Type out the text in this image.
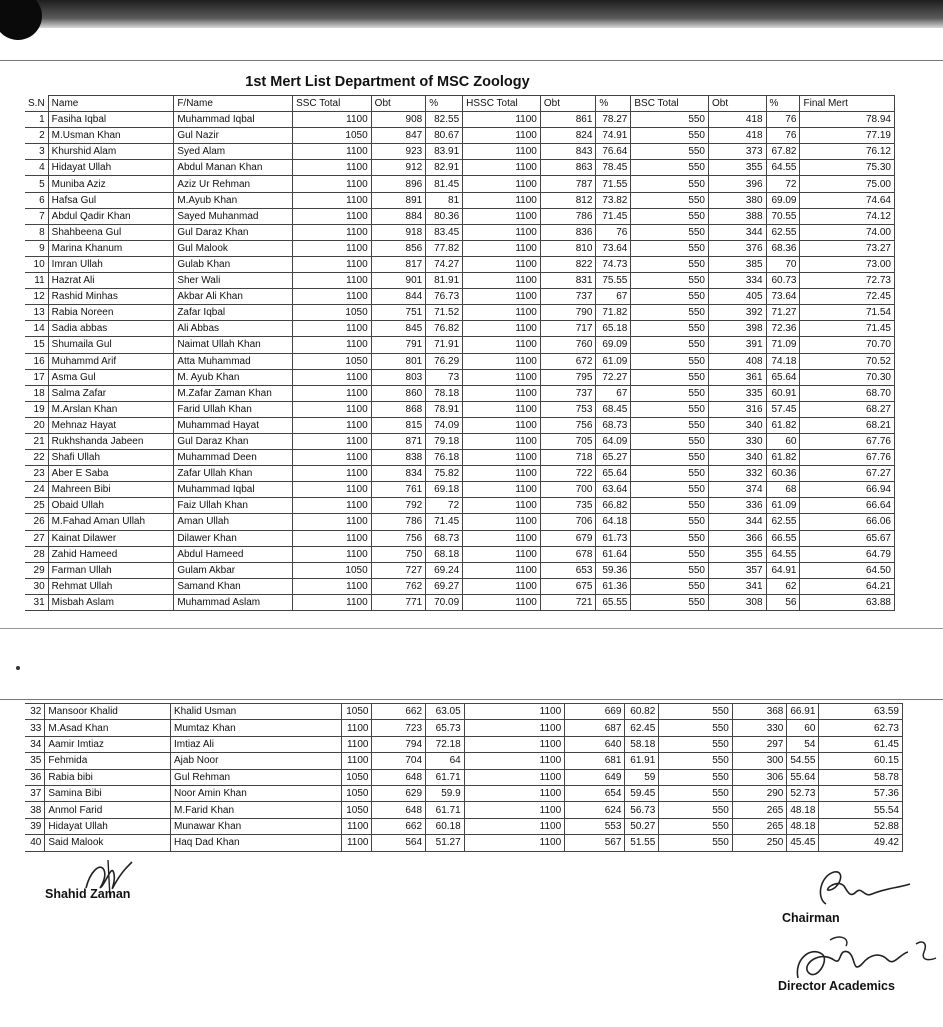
1st Mert List Department of MSC Zoology
S.N	Name	F/Name	SSC Total	Obt	%	HSSC Total	Obt	%	BSC Total	Obt	%	Final Mert
1	Fasiha Iqbal	Muhammad Iqbal	1100	908	82.55	1100	861	78.27	550	418	76	78.94
2	M.Usman Khan	Gul Nazir	1050	847	80.67	1100	824	74.91	550	418	76	77.19
3	Khurshid Alam	Syed Alam	1100	923	83.91	1100	843	76.64	550	373	67.82	76.12
4	Hidayat Ullah	Abdul Manan Khan	1100	912	82.91	1100	863	78.45	550	355	64.55	75.30
5	Muniba Aziz	Aziz Ur Rehman	1100	896	81.45	1100	787	71.55	550	396	72	75.00
6	Hafsa Gul	M.Ayub Khan	1100	891	81	1100	812	73.82	550	380	69.09	74.64
7	Abdul Qadir Khan	Sayed Muhanmad	1100	884	80.36	1100	786	71.45	550	388	70.55	74.12
8	Shahbeena Gul	Gul Daraz Khan	1100	918	83.45	1100	836	76	550	344	62.55	74.00
9	Marina Khanum	Gul Malook	1100	856	77.82	1100	810	73.64	550	376	68.36	73.27
10	Imran Ullah	Gulab Khan	1100	817	74.27	1100	822	74.73	550	385	70	73.00
11	Hazrat Ali	Sher Wali	1100	901	81.91	1100	831	75.55	550	334	60.73	72.73
12	Rashid Minhas	Akbar Ali Khan	1100	844	76.73	1100	737	67	550	405	73.64	72.45
13	Rabia Noreen	Zafar Iqbal	1050	751	71.52	1100	790	71.82	550	392	71.27	71.54
14	Sadia abbas	Ali Abbas	1100	845	76.82	1100	717	65.18	550	398	72.36	71.45
15	Shumaila Gul	Naimat Ullah Khan	1100	791	71.91	1100	760	69.09	550	391	71.09	70.70
16	Muhammd Arif	Atta Muhammad	1050	801	76.29	1100	672	61.09	550	408	74.18	70.52
17	Asma Gul	M. Ayub Khan	1100	803	73	1100	795	72.27	550	361	65.64	70.30
18	Salma Zafar	M.Zafar Zaman Khan	1100	860	78.18	1100	737	67	550	335	60.91	68.70
19	M.Arslan Khan	Farid Ullah Khan	1100	868	78.91	1100	753	68.45	550	316	57.45	68.27
20	Mehnaz Hayat	Muhammad Hayat	1100	815	74.09	1100	756	68.73	550	340	61.82	68.21
21	Rukhshanda Jabeen	Gul Daraz Khan	1100	871	79.18	1100	705	64.09	550	330	60	67.76
22	Shafi Ullah	Muhammad Deen	1100	838	76.18	1100	718	65.27	550	340	61.82	67.76
23	Aber E Saba	Zafar Ullah Khan	1100	834	75.82	1100	722	65.64	550	332	60.36	67.27
24	Mahreen Bibi	Muhammad Iqbal	1100	761	69.18	1100	700	63.64	550	374	68	66.94
25	Obaid Ullah	Faiz Ullah Khan	1100	792	72	1100	735	66.82	550	336	61.09	66.64
26	M.Fahad Aman Ullah	Aman Ullah	1100	786	71.45	1100	706	64.18	550	344	62.55	66.06
27	Kainat Dilawer	Dilawer Khan	1100	756	68.73	1100	679	61.73	550	366	66.55	65.67
28	Zahid Hameed	Abdul Hameed	1100	750	68.18	1100	678	61.64	550	355	64.55	64.79
29	Farman Ullah	Gulam Akbar	1050	727	69.24	1100	653	59.36	550	357	64.91	64.50
30	Rehmat Ullah	Samand Khan	1100	762	69.27	1100	675	61.36	550	341	62	64.21
31	Misbah Aslam	Muhammad Aslam	1100	771	70.09	1100	721	65.55	550	308	56	63.88
32	Mansoor Khalid	Khalid Usman	1050	662	63.05	1100	669	60.82	550	368	66.91	63.59
33	M.Asad Khan	Mumtaz Khan	1100	723	65.73	1100	687	62.45	550	330	60	62.73
34	Aamir Imtiaz	Imtiaz Ali	1100	794	72.18	1100	640	58.18	550	297	54	61.45
35	Fehmida	Ajab Noor	1100	704	64	1100	681	61.91	550	300	54.55	60.15
36	Rabia bibi	Gul Rehman	1050	648	61.71	1100	649	59	550	306	55.64	58.78
37	Samina Bibi	Noor Amin Khan	1050	629	59.9	1100	654	59.45	550	290	52.73	57.36
38	Anmol Farid	M.Farid Khan	1050	648	61.71	1100	624	56.73	550	265	48.18	55.54
39	Hidayat Ullah	Munawar Khan	1100	662	60.18	1100	553	50.27	550	265	48.18	52.88
40	Said Malook	Haq Dad Khan	1100	564	51.27	1100	567	51.55	550	250	45.45	49.42
Shahid Zaman
Chairman
Director Academics
